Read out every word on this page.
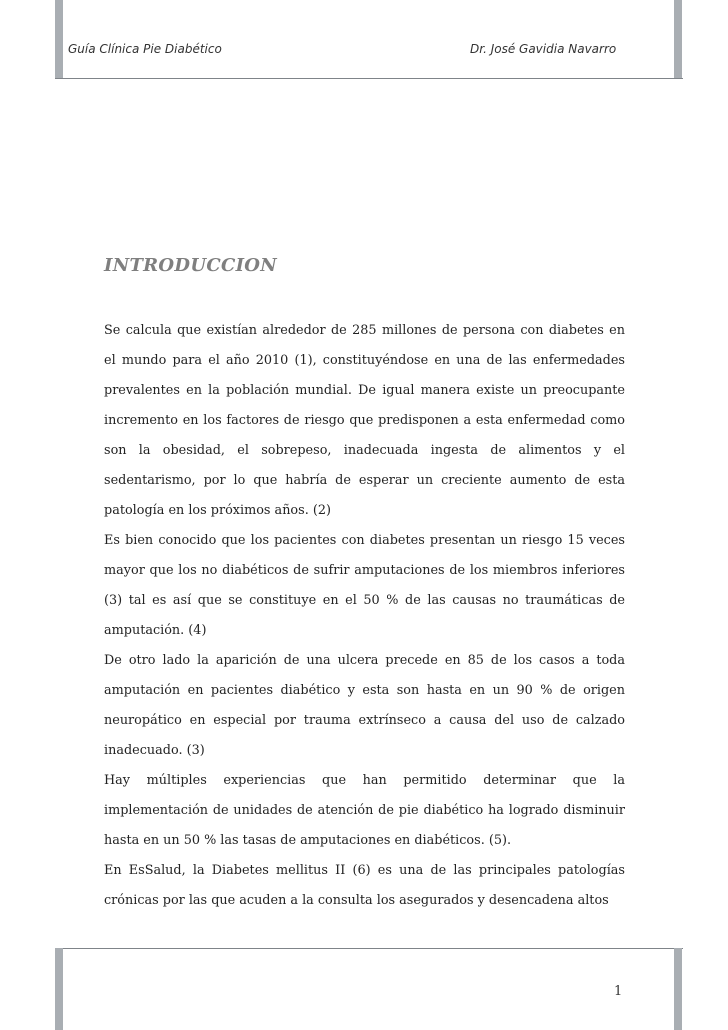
Guía Clínica Pie Diabético	Dr. José Gavidia Navarro
INTRODUCCION

Se calcula que existían alrededor de 285 millones de persona con diabetes en el mundo para el año 2010 (1), constituyéndose en una de las enfermedades prevalentes en la población mundial. De igual manera existe un preocupante incremento en los factores de riesgo que predisponen a esta enfermedad como son la obesidad, el sobrepeso, inadecuada ingesta de alimentos y el sedentarismo, por lo que habría de esperar un creciente aumento de esta patología en los próximos años. (2)

Es bien conocido que los pacientes con diabetes presentan un riesgo 15 veces mayor que los no diabéticos de sufrir amputaciones de los miembros inferiores (3) tal es así que se constituye en el 50 % de las causas no traumáticas de amputación. (4)

De otro lado la aparición de una ulcera precede en 85 de los casos a toda amputación en pacientes diabético y esta son hasta en un 90 % de origen neuropático en especial por trauma extrínseco a causa del uso de calzado inadecuado. (3)

Hay múltiples experiencias que han permitido determinar que la implementación de unidades de atención de pie diabético ha logrado disminuir hasta en un 50 % las tasas de amputaciones en diabéticos. (5).

En EsSalud, la Diabetes mellitus II (6) es una de las principales patologías crónicas por las que acuden a la consulta los asegurados y desencadena altos

1
